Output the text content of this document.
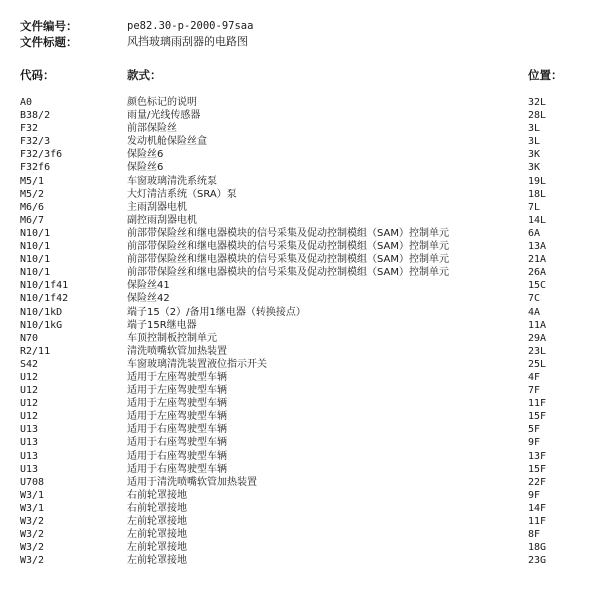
文件编号：	pe82.30-p-2000-97saa
文件标题：	风挡玻璃雨刮器的电路图
代码：	款式：	位置：
A0	颜色标记的说明	32L
B38/2	雨量/光线传感器	28L
F32	前部保险丝	3L
F32/3	发动机舱保险丝盒	3L
F32/3f6	保险丝6	3K
F32f6	保险丝6	3K
M5/1	车窗玻璃清洗系统泵	19L
M5/2	大灯清洁系统（SRA）泵	18L
M6/6	主雨刮器电机	7L
M6/7	副控雨刮器电机	14L
N10/1	前部带保险丝和继电器模块的信号采集及促动控制模组（SAM）控制单元	6A
N10/1	前部带保险丝和继电器模块的信号采集及促动控制模组（SAM）控制单元	13A
N10/1	前部带保险丝和继电器模块的信号采集及促动控制模组（SAM）控制单元	21A
N10/1	前部带保险丝和继电器模块的信号采集及促动控制模组（SAM）控制单元	26A
N10/1f41	保险丝41	15C
N10/1f42	保险丝42	7C
N10/1kD	端子15（2）/备用1继电器（转换接点）	4A
N10/1kG	端子15R继电器	11A
N70	车顶控制板控制单元	29A
R2/11	清洗喷嘴软管加热装置	23L
S42	车窗玻璃清洗装置液位指示开关	25L
U12	适用于左座驾驶型车辆	4F
U12	适用于左座驾驶型车辆	7F
U12	适用于左座驾驶型车辆	11F
U12	适用于左座驾驶型车辆	15F
U13	适用于右座驾驶型车辆	5F
U13	适用于右座驾驶型车辆	9F
U13	适用于右座驾驶型车辆	13F
U13	适用于右座驾驶型车辆	15F
U708	适用于清洗喷嘴软管加热装置	22F
W3/1	右前轮罩接地	9F
W3/1	右前轮罩接地	14F
W3/2	左前轮罩接地	11F
W3/2	左前轮罩接地	8F
W3/2	左前轮罩接地	18G
W3/2	左前轮罩接地	23G
